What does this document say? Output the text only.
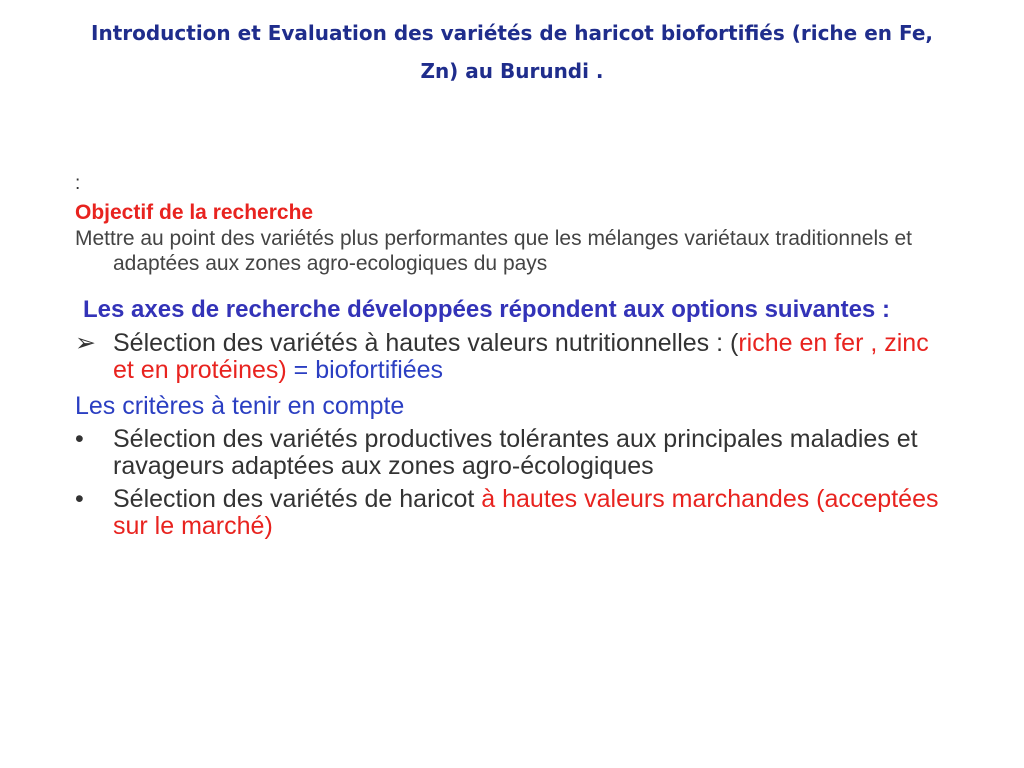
Introduction et Evaluation des variétés de haricot biofortifiés (riche en Fe,
Zn) au Burundi .
:
Objectif de la recherche
Mettre au point des variétés plus performantes que les mélanges variétaux traditionnels et adaptées aux zones agro-ecologiques du pays
Les axes de recherche développées répondent aux options suivantes :
➢ Sélection des variétés à hautes valeurs nutritionnelles : (riche en fer , zinc et en protéines) = biofortifiées
Les critères à tenir en compte
• Sélection des variétés productives tolérantes aux principales maladies et ravageurs adaptées aux zones agro-écologiques
• Sélection des variétés de haricot à hautes valeurs marchandes (acceptées sur le marché)
